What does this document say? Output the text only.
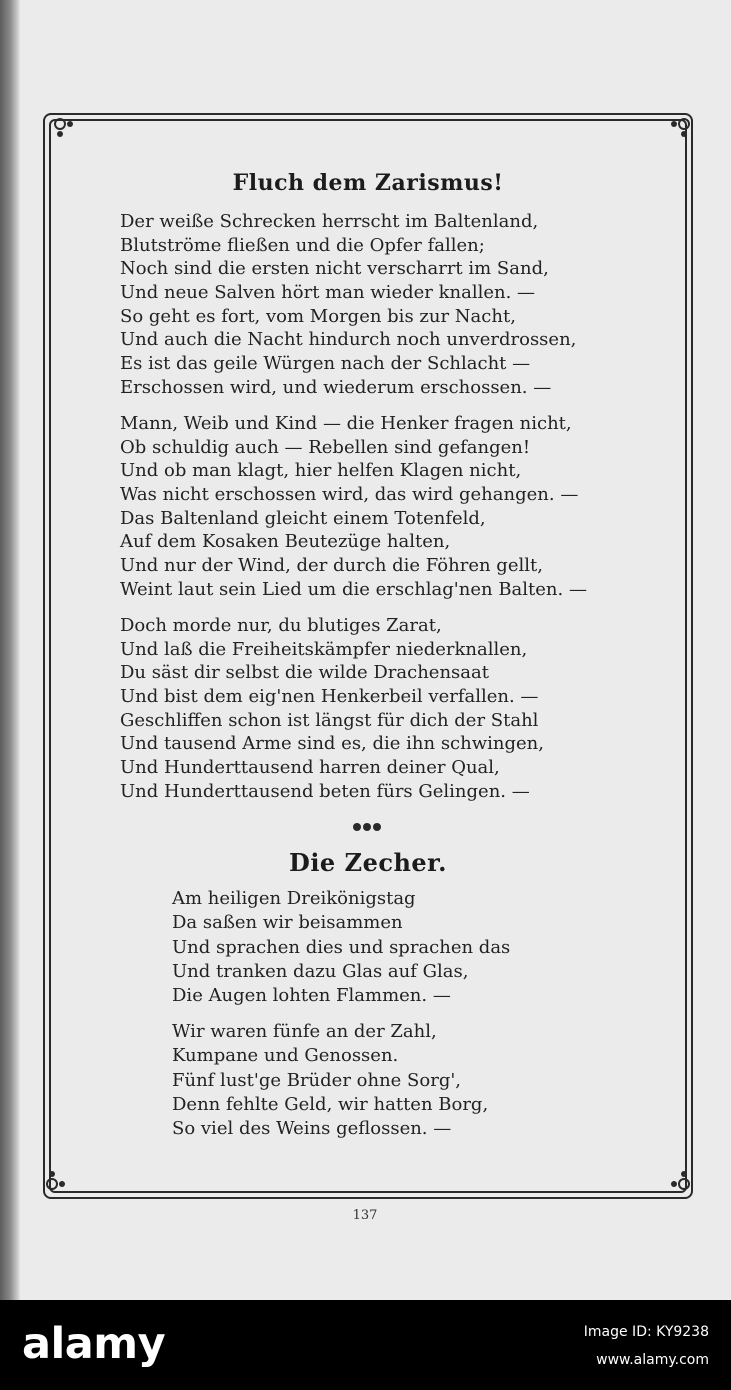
Fluch dem Zarismus!
Der weiße Schrecken herrscht im Baltenland,
Blutströme fließen und die Opfer fallen;
Noch sind die ersten nicht verscharrt im Sand,
Und neue Salven hört man wieder knallen. —
So geht es fort, vom Morgen bis zur Nacht,
Und auch die Nacht hindurch noch unverdrossen,
Es ist das geile Würgen nach der Schlacht —
Erschossen wird, und wiederum erschossen. —
Mann, Weib und Kind — die Henker fragen nicht,
Ob schuldig auch — Rebellen sind gefangen!
Und ob man klagt, hier helfen Klagen nicht,
Was nicht erschossen wird, das wird gehangen. —
Das Baltenland gleicht einem Totenfeld,
Auf dem Kosaken Beutezüge halten,
Und nur der Wind, der durch die Föhren gellt,
Weint laut sein Lied um die erschlag'nen Balten. —
Doch morde nur, du blutiges Zarat,
Und laß die Freiheitskämpfer niederknallen,
Du säst dir selbst die wilde Drachensaat
Und bist dem eig'nen Henkerbeil verfallen. —
Geschliffen schon ist längst für dich der Stahl
Und tausend Arme sind es, die ihn schwingen,
Und Hunderttausend harren deiner Qual,
Und Hunderttausend beten fürs Gelingen. —
Die Zecher.
Am heiligen Dreikönigstag
Da saßen wir beisammen
Und sprachen dies und sprachen das
Und tranken dazu Glas auf Glas,
Die Augen lohten Flammen. —
Wir waren fünfe an der Zahl,
Kumpane und Genossen.
Fünf lust'ge Brüder ohne Sorg',
Denn fehlte Geld, wir hatten Borg,
So viel des Weins geflossen. —
137
alamy	Image ID: KY9238
www.alamy.com
